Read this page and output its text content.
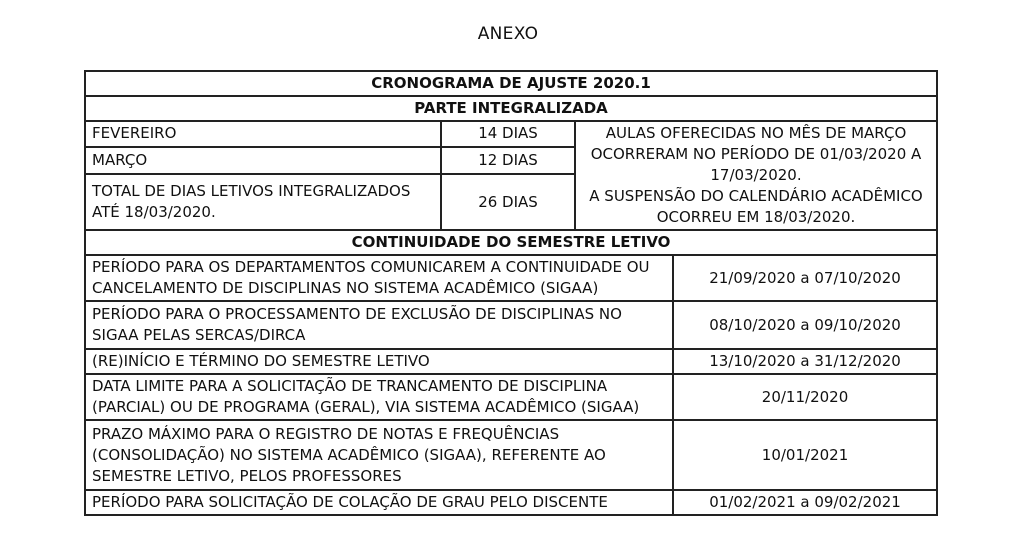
ANEXO
CRONOGRAMA DE AJUSTE 2020.1			
PARTE INTEGRALIZADA			
FEVEREIRO	14 DIAS	AULAS OFERECIDAS NO MÊS DE MARÇO OCORRERAM NO PERÍODO DE 01/03/2020 A 17/03/2020.
A SUSPENSÃO DO CALENDÁRIO ACADÊMICO OCORREU EM 18/03/2020.	

MARÇO	12 DIAS		
TOTAL DE DIAS LETIVOS INTEGRALIZADOS ATÉ 18/03/2020.	26 DIAS		
CONTINUIDADE DO SEMESTRE LETIVO			
PERÍODO PARA OS DEPARTAMENTOS COMUNICAREM A CONTINUIDADE OU CANCELAMENTO DE DISCIPLINAS NO SISTEMA ACADÊMICO (SIGAA)			21/09/2020 a 07/10/2020
PERÍODO PARA O PROCESSAMENTO DE EXCLUSÃO DE DISCIPLINAS NO SIGAA PELAS SERCAS/DIRCA			08/10/2020 a 09/10/2020
(RE)INÍCIO E TÉRMINO DO SEMESTRE LETIVO			13/10/2020 a 31/12/2020
DATA LIMITE PARA A SOLICITAÇÃO DE TRANCAMENTO DE DISCIPLINA (PARCIAL) OU DE PROGRAMA (GERAL), VIA SISTEMA ACADÊMICO (SIGAA)			20/11/2020
PRAZO MÁXIMO PARA O REGISTRO DE NOTAS E FREQUÊNCIAS (CONSOLIDAÇÃO) NO SISTEMA ACADÊMICO (SIGAA), REFERENTE AO SEMESTRE LETIVO, PELOS PROFESSORES			10/01/2021
PERÍODO PARA SOLICITAÇÃO DE COLAÇÃO DE GRAU PELO DISCENTE			01/02/2021 a 09/02/2021
